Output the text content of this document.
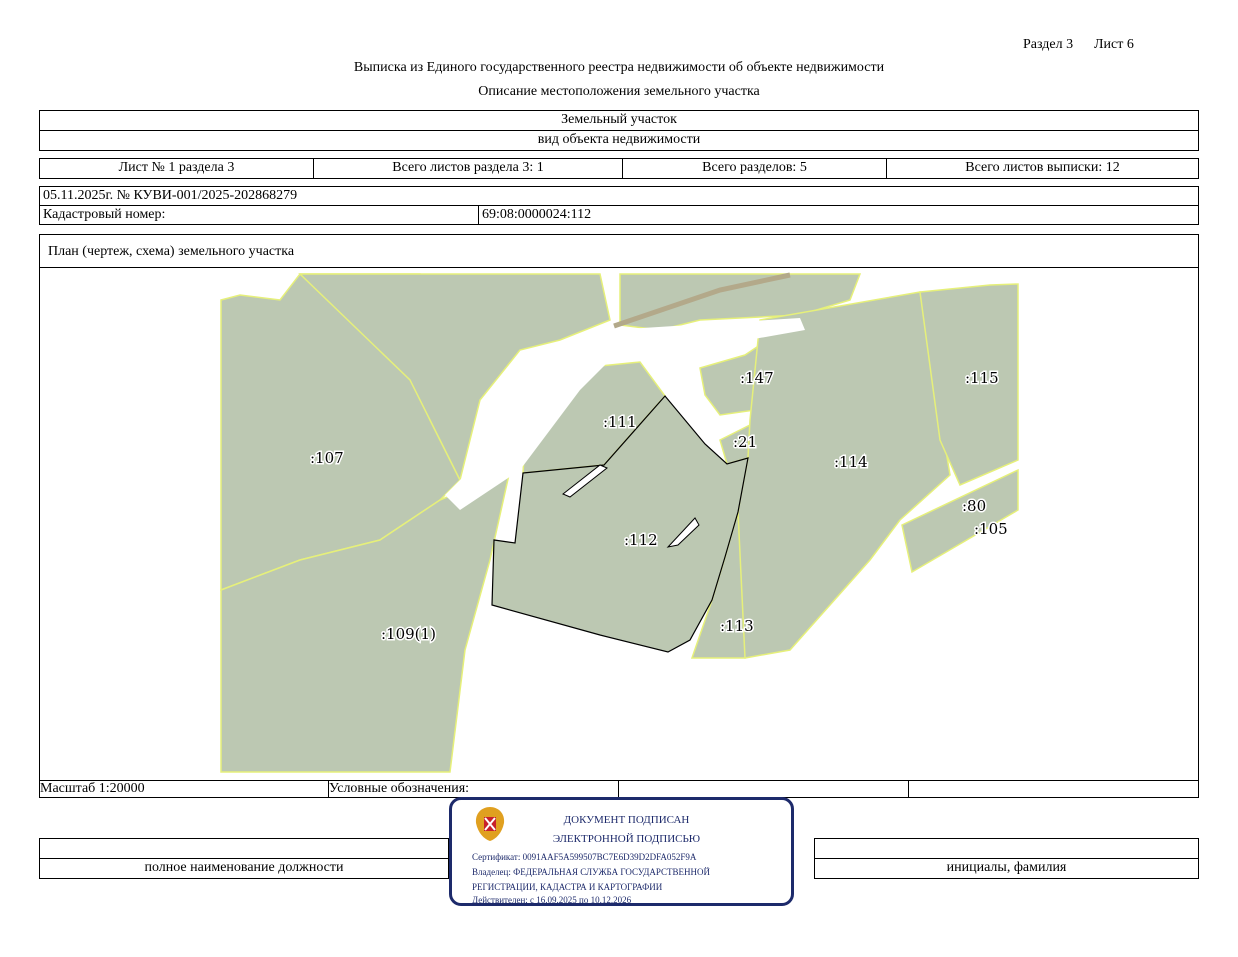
Раздел 3 Лист 6
Выписка из Единого государственного реестра недвижимости об объекте недвижимости
Описание местоположения земельного участка
Земельный участок
вид объекта недвижимости
Лист № 1 раздела 3	Всего листов раздела 3: 1	Всего разделов: 5	Всего листов выписки: 12
05.11.2025г. № КУВИ-001/2025-202868279
Кадастровый номер:	69:08:0000024:112
План (чертеж, схема) земельного участка
:107
:111
:147	:115
:21
:114
:80
:105
:112
:109(1)	:113
Масштаб 1:20000	Условные обозначения:
полное наименование должности	инициалы, фамилия
ДОКУМЕНТ ПОДПИСАН
ЭЛЕКТРОННОЙ ПОДПИСЬЮ
Сертификат: 0091AAF5A599507BC7E6D39D2DFA052F9A
Владелец: ФЕДЕРАЛЬНАЯ СЛУЖБА ГОСУДАРСТВЕННОЙ
РЕГИСТРАЦИИ, КАДАСТРА И КАРТОГРАФИИ
Действителен: с 16.09.2025 по 10.12.2026
